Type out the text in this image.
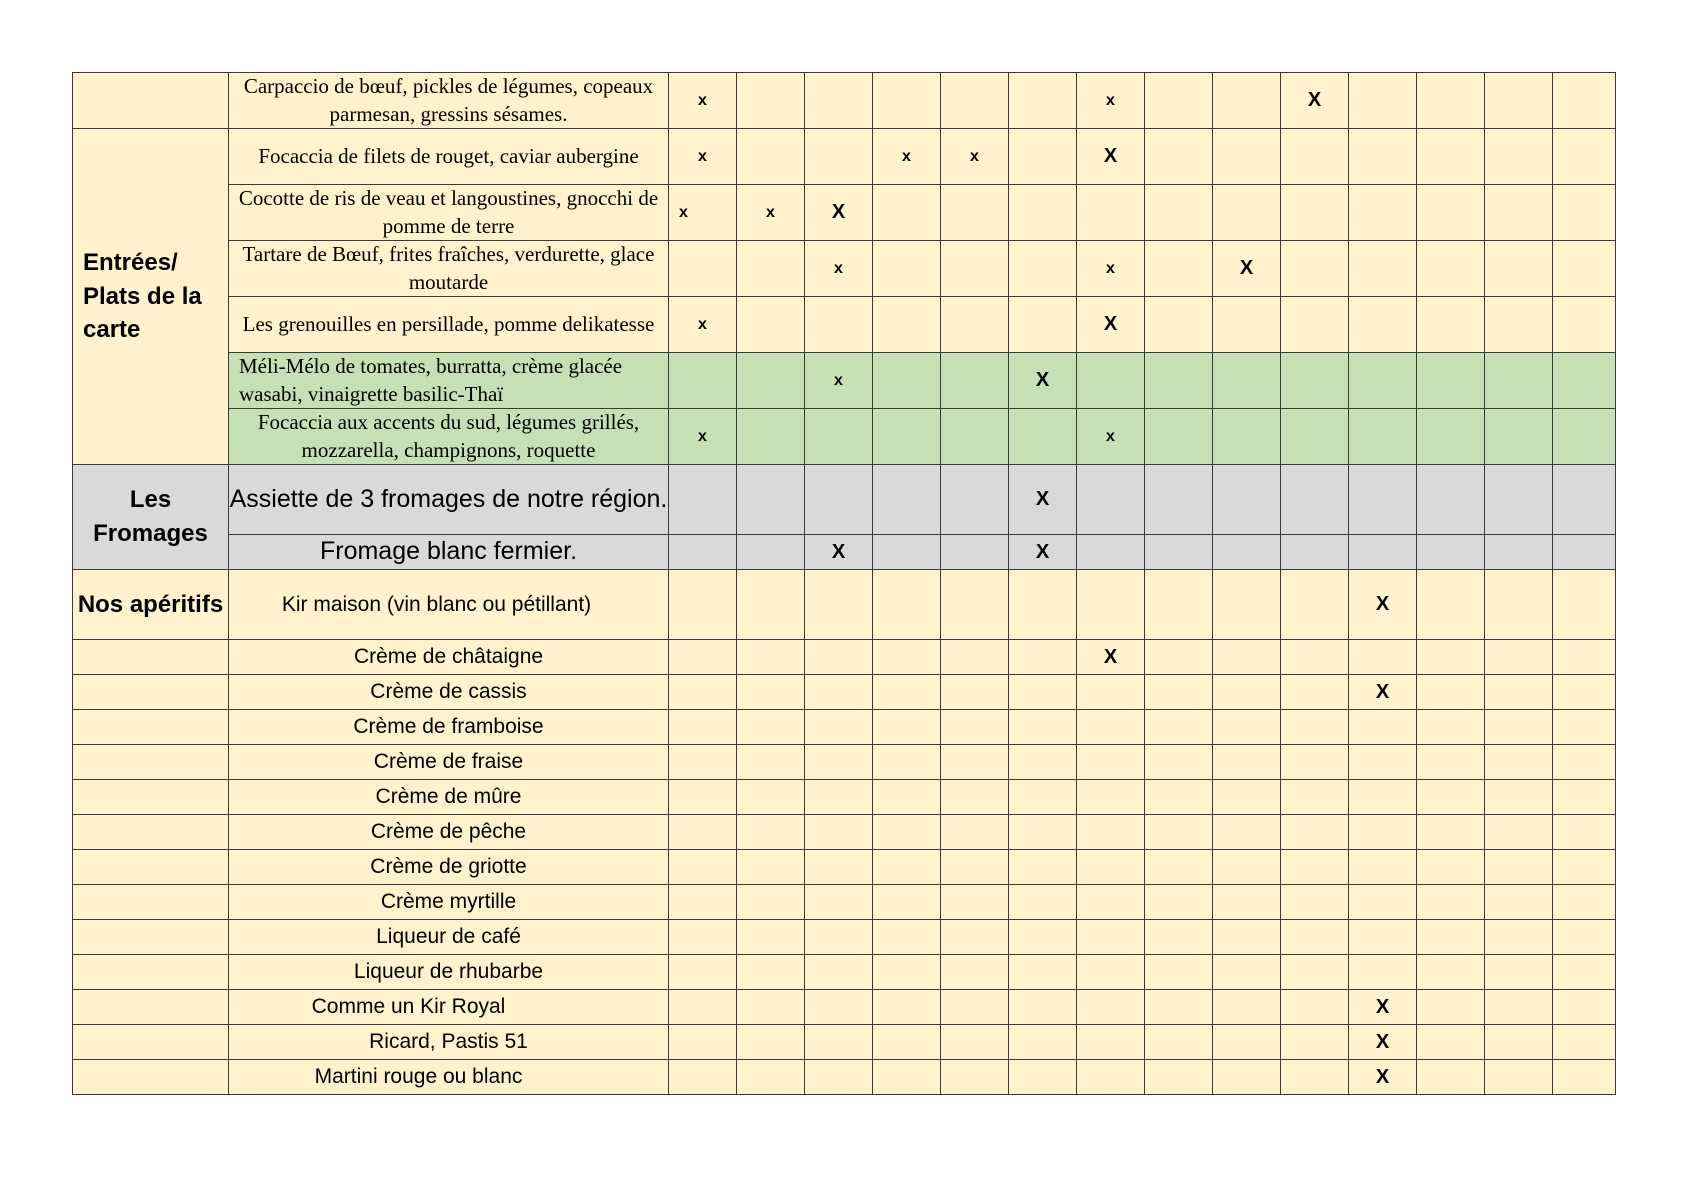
	Carpaccio de bœuf, pickles de légumes, copeaux parmesan, gressins sésames.	x						x			X				
Entrées/ Plats de la carte	Focaccia de filets de rouget, caviar aubergine	x			x	x		X							
	Cocotte de ris de veau et langoustines, gnocchi de pomme de terre	x	x	X											
	Tartare de Bœuf, frites fraîches, verdurette, glace moutarde			x				x		X					
	Les grenouilles en persillade, pomme delikatesse	x						X							
	Méli-Mélo de tomates, burratta, crème glacée wasabi, vinaigrette basilic-Thaï			x			X								
	Focaccia aux accents du sud, légumes grillés, mozzarella, champignons, roquette	x						x							
Les Fromages	Assiette de 3 fromages de notre région.						X								
	Fromage blanc fermier.			X			X								
Nos apéritifs	Kir maison (vin blanc ou pétillant)											X			
	Crème de châtaigne							X							
	Crème de cassis											X			
	Crème de framboise														
	Crème de fraise														
	Crème de mûre														
	Crème de pêche														
	Crème de griotte														
	Crème myrtille														
	Liqueur de café														
	Liqueur de rhubarbe														
	Comme un Kir Royal											X			
	Ricard, Pastis 51											X			
	Martini rouge ou blanc											X			
